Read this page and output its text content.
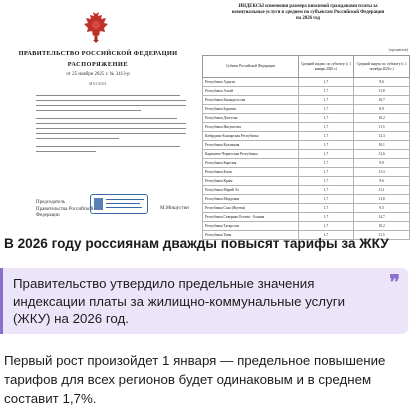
ПРАВИТЕЛЬСТВО РОССИЙСКОЙ ФЕДЕРАЦИИ
РАСПОРЯЖЕНИЕ
от 25 ноября 2025 г. № 3413-р
МОСКВА
Председатель Правительства Российской Федерации
М.Мишустин
ИНДЕКСЫ изменения размера вносимой гражданами платы за коммунальные услуги в среднем по субъектам Российской Федерации на 2026 год
(процентов)
Субъект Российской Федерации	Средний индекс по субъекту (с 1 января 2026 г.)	Средний индекс по субъекту (с 1 октября 2026 г.)
Республика Адыгея	1,7	9,6
Республика Алтай	1,7	11,8
Республика Башкортостан	1,7	10,7
Республика Бурятия	1,7	8,9
Республика Дагестан	1,7	10,2
Республика Ингушетия	1,7	11,5
Кабардино-Балкарская Республика	1,7	12,3
Республика Калмыкия	1,7	10,1
Карачаево-Черкесская Республика	1,7	12,6
Республика Карелия	1,7	9,9
Республика Коми	1,7	11,3
Республика Крым	1,7	9,6
Республика Марий Эл	1,7	11,1
Республика Мордовия	1,7	11,8
Республика Саха (Якутия)	1,7	9,5
Республика Северная Осетия - Алания	1,7	14,7
Республика Татарстан	1,7	10,2
Республика Тыва	1,7	11,5
В 2026 году россиянам дважды повысят тарифы за ЖКУ
Правительство утвердило предельные значения индексации платы за жилищно-коммунальные услуги (ЖКУ) на 2026 год.
❞
Первый рост произойдет 1 января — предельное повышение тарифов для всех регионов будет одинаковым и в среднем составит 1,7%.
